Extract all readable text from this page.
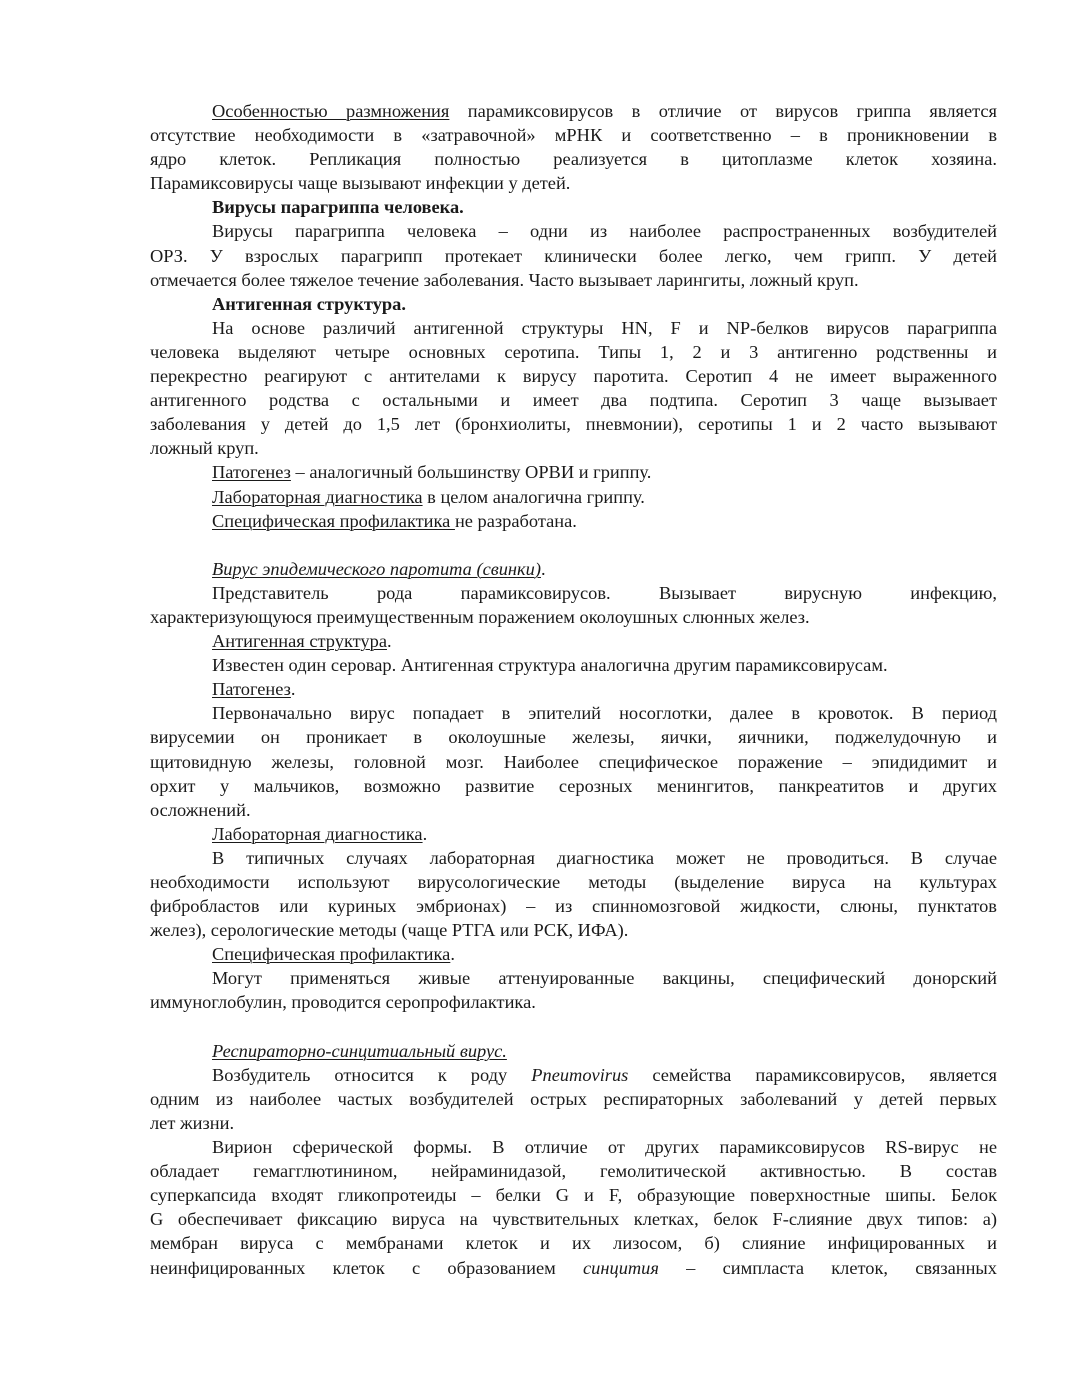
Особенностью размножения парамиксовирусов в отличие от вирусов гриппа является

отсутствие необходимости в «затравочной» мРНК и соответственно – в проникновении в

ядро клеток. Репликация полностью реализуется в цитоплазме клеток хозяина.

Парамиксовирусы чаще вызывают инфекции у детей.

Вирусы парагриппа человека.

Вирусы парагриппа человека – одни из наиболее распространенных возбудителей

ОРЗ. У взрослых парагрипп протекает клинически более легко, чем грипп. У детей

отмечается более тяжелое течение заболевания. Часто вызывает ларингиты, ложный круп.

Антигенная структура.

На основе различий антигенной структуры HN, F и NP-белков вирусов парагриппа

человека выделяют четыре основных серотипа. Типы 1, 2 и 3 антигенно родственны и

перекрестно реагируют с антителами к вирусу паротита. Серотип 4 не имеет выраженного

антигенного родства с остальными и имеет два подтипа. Серотип 3 чаще вызывает

заболевания у детей до 1,5 лет (бронхиолиты, пневмонии), серотипы 1 и 2 часто вызывают

ложный круп.

Патогенез – аналогичный большинству ОРВИ и гриппу.

Лабораторная диагностика в целом аналогична гриппу.

Специфическая профилактика не разработана.

Вирус эпидемического паротита (свинки).

Представитель рода парамиксовирусов. Вызывает вирусную инфекцию,

характеризующуюся преимущественным поражением околоушных слюнных желез.

Антигенная структура.

Известен один серовар. Антигенная структура аналогична другим парамиксовирусам.

Патогенез.

Первоначально вирус попадает в эпителий носоглотки, далее в кровоток. В период

вирусемии он проникает в околоушные железы, яички, яичники, поджелудочную и

щитовидную железы, головной мозг. Наиболее специфическое поражение – эпидидимит и

орхит у мальчиков, возможно развитие серозных менингитов, панкреатитов и других

осложнений.

Лабораторная диагностика.

В типичных случаях лабораторная диагностика может не проводиться. В случае

необходимости используют вирусологические методы (выделение вируса на культурах

фибробластов или куриных эмбрионах) – из спинномозговой жидкости, слюны, пунктатов

желез), серологические методы (чаще РТГА или РСК, ИФА).

Специфическая профилактика.

Могут применяться живые аттенуированные вакцины, специфический донорский

иммуноглобулин, проводится серопрофилактика.

Респираторно-синцитиальный вирус.

Возбудитель относится к роду Pneumovirus семейства парамиксовирусов, является

одним из наиболее частых возбудителей острых респираторных заболеваний у детей первых

лет жизни.

Вирион сферической формы. В отличие от других парамиксовирусов RS-вирус не

обладает гемагглютинином, нейраминидазой, гемолитической активностью. В состав

суперкапсида входят гликопротеиды – белки G и F, образующие поверхностные шипы. Белок

G обеспечивает фиксацию вируса на чувствительных клетках, белок F-слияние двух типов: а)

мембран вируса с мембранами клеток и их лизосом, б) слияние инфицированных и

неинфицированных клеток с образованием синцития – симпласта клеток, связанных
